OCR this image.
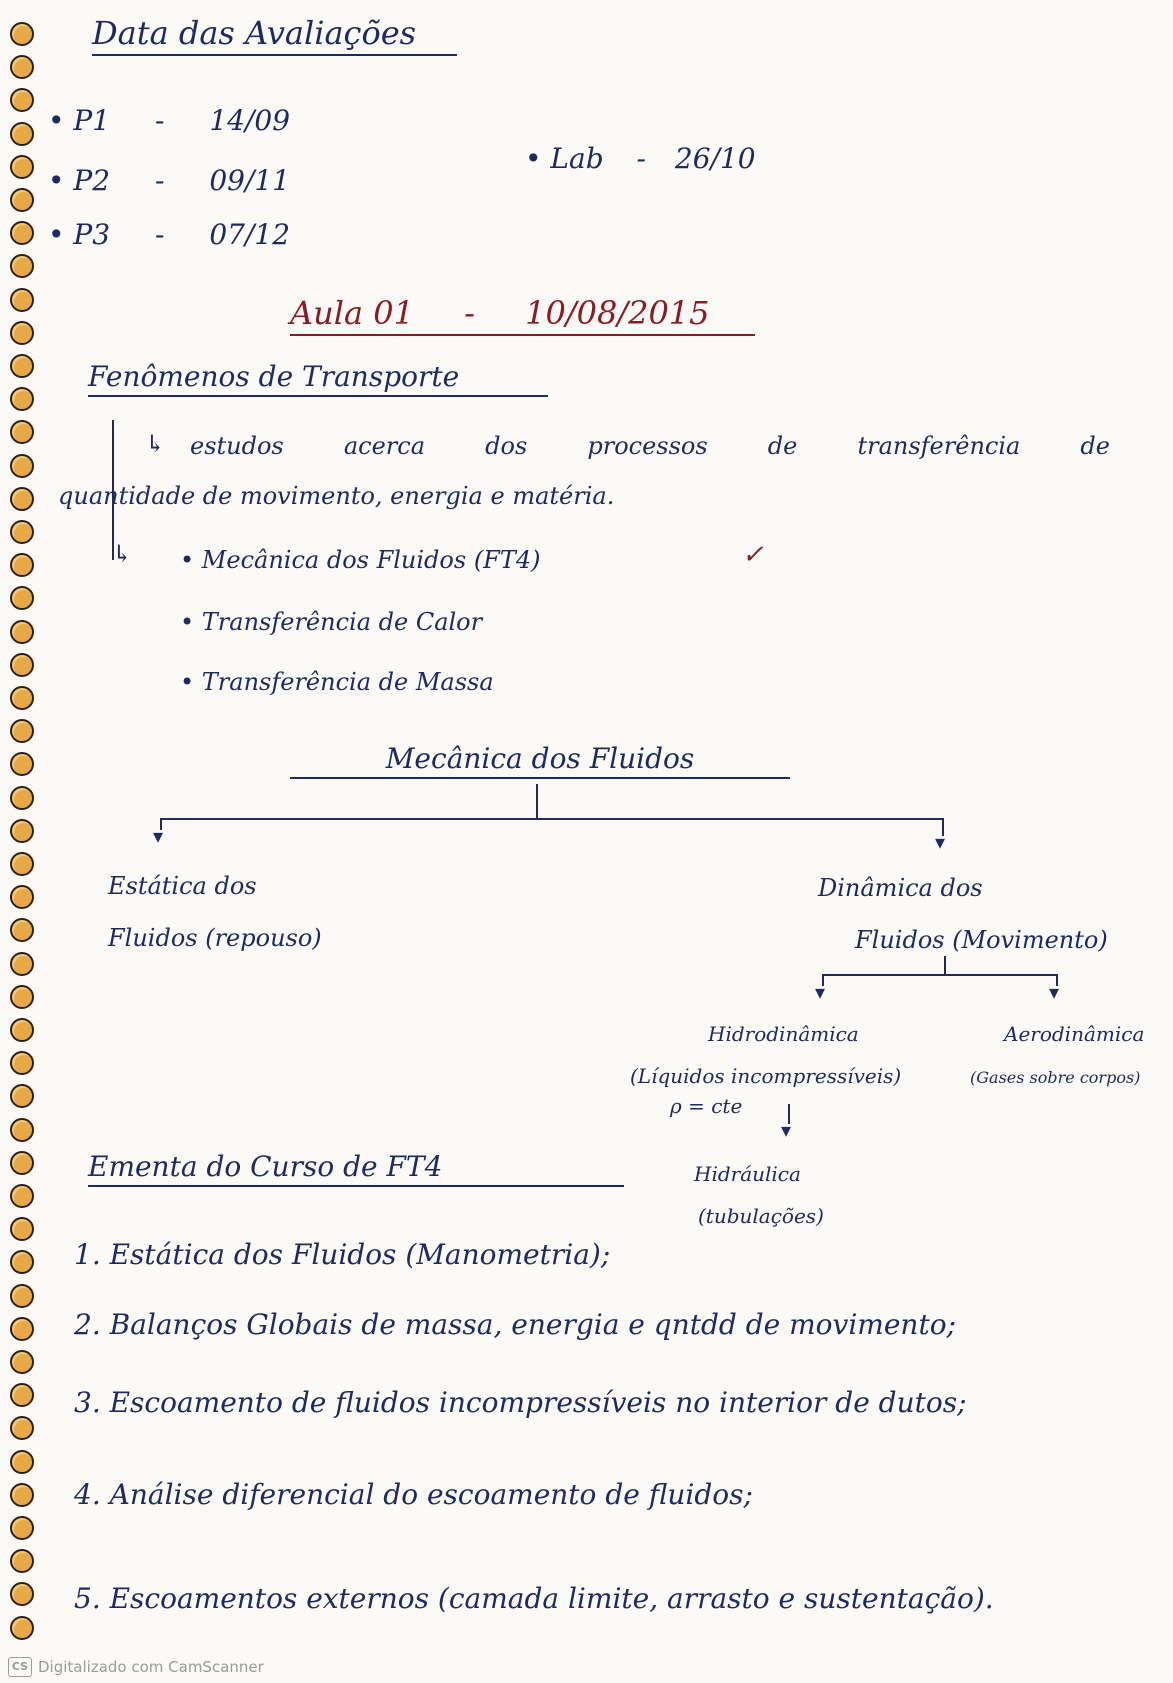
Data das Avaliações
• P1 - 14/09
• P2 - 09/11
• P3 - 07/12
• Lab - 26/10
Aula 01 - 10/08/2015
Fenômenos de Transporte
↳ estudos acerca dos processos de transferência de
quantidade de movimento, energia e matéria.
↳ • Mecânica dos Fluidos (FT4)	✓
• Transferência de Calor
• Transferência de Massa
Mecânica dos Fluidos
▾	▾
Estática dos
Fluidos (repouso)
Dinâmica dos
Fluidos (Movimento)
▾	▾
Hidrodinâmica
(Líquidos incompressíveis)
ρ = cte
Aerodinâmica
(Gases sobre corpos)
▾
Hidráulica
(tubulações)
Ementa do Curso de FT4
1. Estática dos Fluidos (Manometria);
2. Balanços Globais de massa, energia e qntdd de movimento;
3. Escoamento de fluidos incompressíveis no interior de dutos;
4. Análise diferencial do escoamento de fluidos;
5. Escoamentos externos (camada limite, arrasto e sustentação).
CS Digitalizado com CamScanner
